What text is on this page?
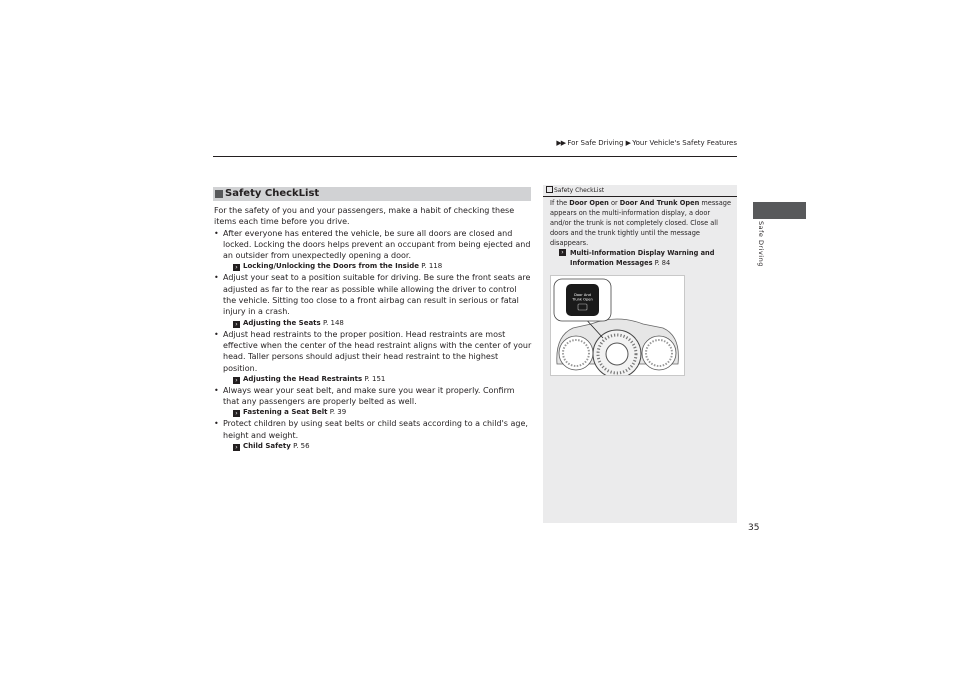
▶▶ For Safe Driving ▶ Your Vehicle's Safety Features
Safe Driving
Safety CheckList

For the safety of you and your passengers, make a habit of checking these items each time before you drive.

• After everyone has entered the vehicle, be sure all doors are closed and locked. Locking the doors helps prevent an occupant from being ejected and an outsider from unexpectedly opening a door.

› Locking/Unlocking the Doors from the Inside P. 118

• Adjust your seat to a position suitable for driving. Be sure the front seats are adjusted as far to the rear as possible while allowing the driver to control the vehicle. Sitting too close to a front airbag can result in serious or fatal injury in a crash.

› Adjusting the Seats P. 148

• Adjust head restraints to the proper position. Head restraints are most effective when the center of the head restraint aligns with the center of your head. Taller persons should adjust their head restraint to the highest position.

› Adjusting the Head Restraints P. 151

• Always wear your seat belt, and make sure you wear it properly. Confirm that any passengers are properly belted as well.

› Fastening a Seat Belt P. 39

• Protect children by using seat belts or child seats according to a child's age, height and weight.

› Child Safety P. 56

Safety CheckList

If the Door Open or Door And Trunk Open message appears on the multi-information display, a door and/or the trunk is not completely closed. Close all doors and the trunk tightly until the message disappears.

› Multi-Information Display Warning and Information Messages P. 84
Door And
Trunk Open
35
